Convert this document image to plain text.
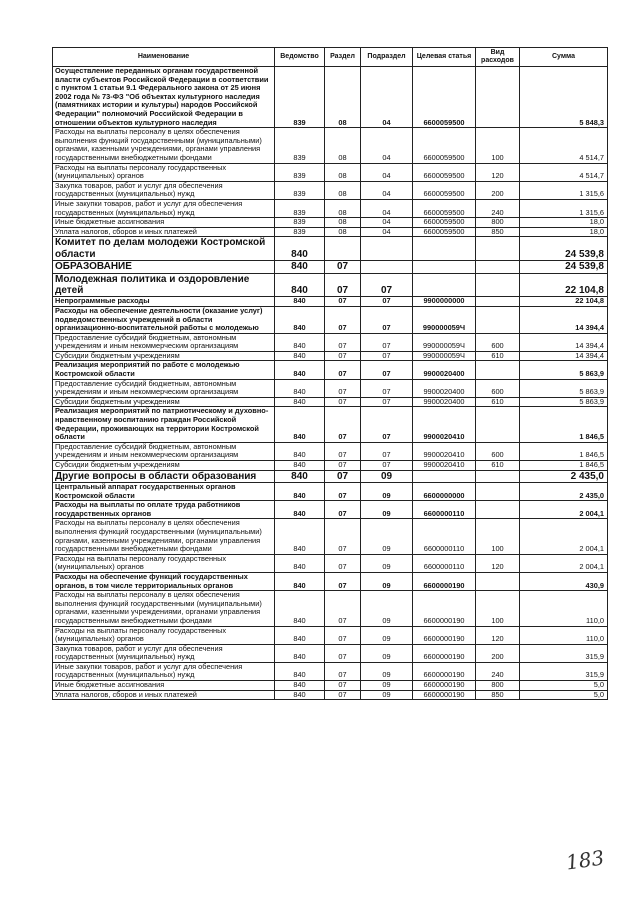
Наименование	Ведомство	Раздел	Подраздел	Целевая статья	Вид расходов	Сумма
Осуществление переданных органам государственной власти субъектов Российской Федерации в соответствии с пунктом 1 статьи 9.1 Федерального закона от 25 июня 2002 года № 73-ФЗ "Об объектах культурного наследия (памятниках истории и культуры) народов Российской Федерации" полномочий Российской Федерации в отношении объектов культурного наследия	839	08	04	6600059500		5 848,3
Расходы на выплаты персоналу в целях обеспечения выполнения функций государственными (муниципальными) органами, казенными учреждениями, органами управления государственными внебюджетными фондами	839	08	04	6600059500	100	4 514,7
Расходы на выплаты персоналу государственных (муниципальных) органов	839	08	04	6600059500	120	4 514,7
Закупка товаров, работ и услуг для обеспечения государственных (муниципальных) нужд	839	08	04	6600059500	200	1 315,6
Иные закупки товаров, работ и услуг для обеспечения государственных (муниципальных) нужд	839	08	04	6600059500	240	1 315,6
Иные бюджетные ассигнования	839	08	04	6600059500	800	18,0
Уплата налогов, сборов и иных платежей	839	08	04	6600059500	850	18,0
Комитет по делам молодежи Костромской области	840					24 539,8
ОБРАЗОВАНИЕ	840	07				24 539,8
Молодежная политика и оздоровление детей	840	07	07			22 104,8
Непрограммные расходы	840	07	07	9900000000		22 104,8
Расходы на обеспечение деятельности (оказание услуг) подведомственных учреждений в области организационно-воспитательной работы с молодежью	840	07	07	990000059Ч		14 394,4
Предоставление субсидий бюджетным, автономным учреждениям и иным некоммерческим организациям	840	07	07	990000059Ч	600	14 394,4
Субсидии бюджетным учреждениям	840	07	07	990000059Ч	610	14 394,4
Реализация мероприятий по работе с молодежью Костромской области	840	07	07	9900020400		5 863,9
Предоставление субсидий бюджетным, автономным учреждениям и иным некоммерческим организациям	840	07	07	9900020400	600	5 863,9
Субсидии бюджетным учреждениям	840	07	07	9900020400	610	5 863,9
Реализация мероприятий по патриотическому и духовно-нравственному воспитанию граждан Российской Федерации, проживающих на территории Костромской области	840	07	07	9900020410		1 846,5
Предоставление субсидий бюджетным, автономным учреждениям и иным некоммерческим организациям	840	07	07	9900020410	600	1 846,5
Субсидии бюджетным учреждениям	840	07	07	9900020410	610	1 846,5
Другие вопросы в области образования	840	07	09			2 435,0
Центральный аппарат государственных органов Костромской области	840	07	09	6600000000		2 435,0
Расходы на выплаты по оплате труда работников государственных органов	840	07	09	6600000110		2 004,1
Расходы на выплаты персоналу в целях обеспечения выполнения функций государственными (муниципальными) органами, казенными учреждениями, органами управления государственными внебюджетными фондами	840	07	09	6600000110	100	2 004,1
Расходы на выплаты персоналу государственных (муниципальных) органов	840	07	09	6600000110	120	2 004,1
Расходы на обеспечение функций государственных органов, в том числе территориальных органов	840	07	09	6600000190		430,9
Расходы на выплаты персоналу в целях обеспечения выполнения функций государственными (муниципальными) органами, казенными учреждениями, органами управления государственными внебюджетными фондами	840	07	09	6600000190	100	110,0
Расходы на выплаты персоналу государственных (муниципальных) органов	840	07	09	6600000190	120	110,0
Закупка товаров, работ и услуг для обеспечения государственных (муниципальных) нужд	840	07	09	6600000190	200	315,9
Иные закупки товаров, работ и услуг для обеспечения государственных (муниципальных) нужд	840	07	09	6600000190	240	315,9
Иные бюджетные ассигнования	840	07	09	6600000190	800	5,0
Уплата налогов, сборов и иных платежей	840	07	09	6600000190	850	5,0
183
